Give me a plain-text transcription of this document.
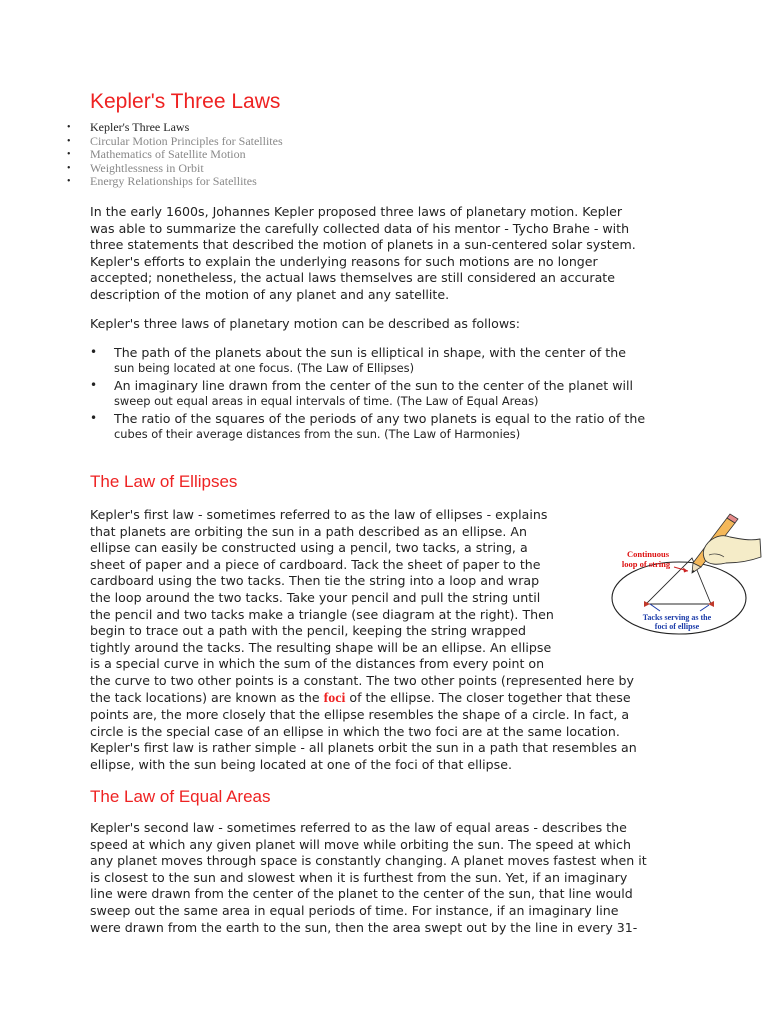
Kepler's Three Laws
• Kepler's Three Laws
• Circular Motion Principles for Satellites
• Mathematics of Satellite Motion
• Weightlessness in Orbit
• Energy Relationships for Satellites

In the early 1600s, Johannes Kepler proposed three laws of planetary motion. Kepler
was able to summarize the carefully collected data of his mentor - Tycho Brahe - with
three statements that described the motion of planets in a sun-centered solar system.
Kepler's efforts to explain the underlying reasons for such motions are no longer
accepted; nonetheless, the actual laws themselves are still considered an accurate
description of the motion of any planet and any satellite.

Kepler's three laws of planetary motion can be described as follows:

• The path of the planets about the sun is elliptical in shape, with the center of the
sun being located at one focus. (The Law of Ellipses)
• An imaginary line drawn from the center of the sun to the center of the planet will
sweep out equal areas in equal intervals of time. (The Law of Equal Areas)
• The ratio of the squares of the periods of any two planets is equal to the ratio of the
cubes of their average distances from the sun. (The Law of Harmonies)
The Law of Ellipses

Kepler's first law - sometimes referred to as the law of ellipses - explains
that planets are orbiting the sun in a path described as an ellipse. An
ellipse can easily be constructed using a pencil, two tacks, a string, a
sheet of paper and a piece of cardboard. Tack the sheet of paper to the
cardboard using the two tacks. Then tie the string into a loop and wrap
the loop around the two tacks. Take your pencil and pull the string until
the pencil and two tacks make a triangle (see diagram at the right). Then
begin to trace out a path with the pencil, keeping the string wrapped
tightly around the tacks. The resulting shape will be an ellipse. An ellipse
is a special curve in which the sum of the distances from every point on
the curve to two other points is a constant. The two other points (represented here by
the tack locations) are known as the foci of the ellipse. The closer together that these
points are, the more closely that the ellipse resembles the shape of a circle. In fact, a
circle is the special case of an ellipse in which the two foci are at the same location.
Kepler's first law is rather simple - all planets orbit the sun in a path that resembles an
ellipse, with the sun being located at one of the foci of that ellipse.

Continuous
loop of string
Tacks serving as the
foci of ellipse
The Law of Equal Areas

Kepler's second law - sometimes referred to as the law of equal areas - describes the
speed at which any given planet will move while orbiting the sun. The speed at which
any planet moves through space is constantly changing. A planet moves fastest when it
is closest to the sun and slowest when it is furthest from the sun. Yet, if an imaginary
line were drawn from the center of the planet to the center of the sun, that line would
sweep out the same area in equal periods of time. For instance, if an imaginary line
were drawn from the earth to the sun, then the area swept out by the line in every 31-
